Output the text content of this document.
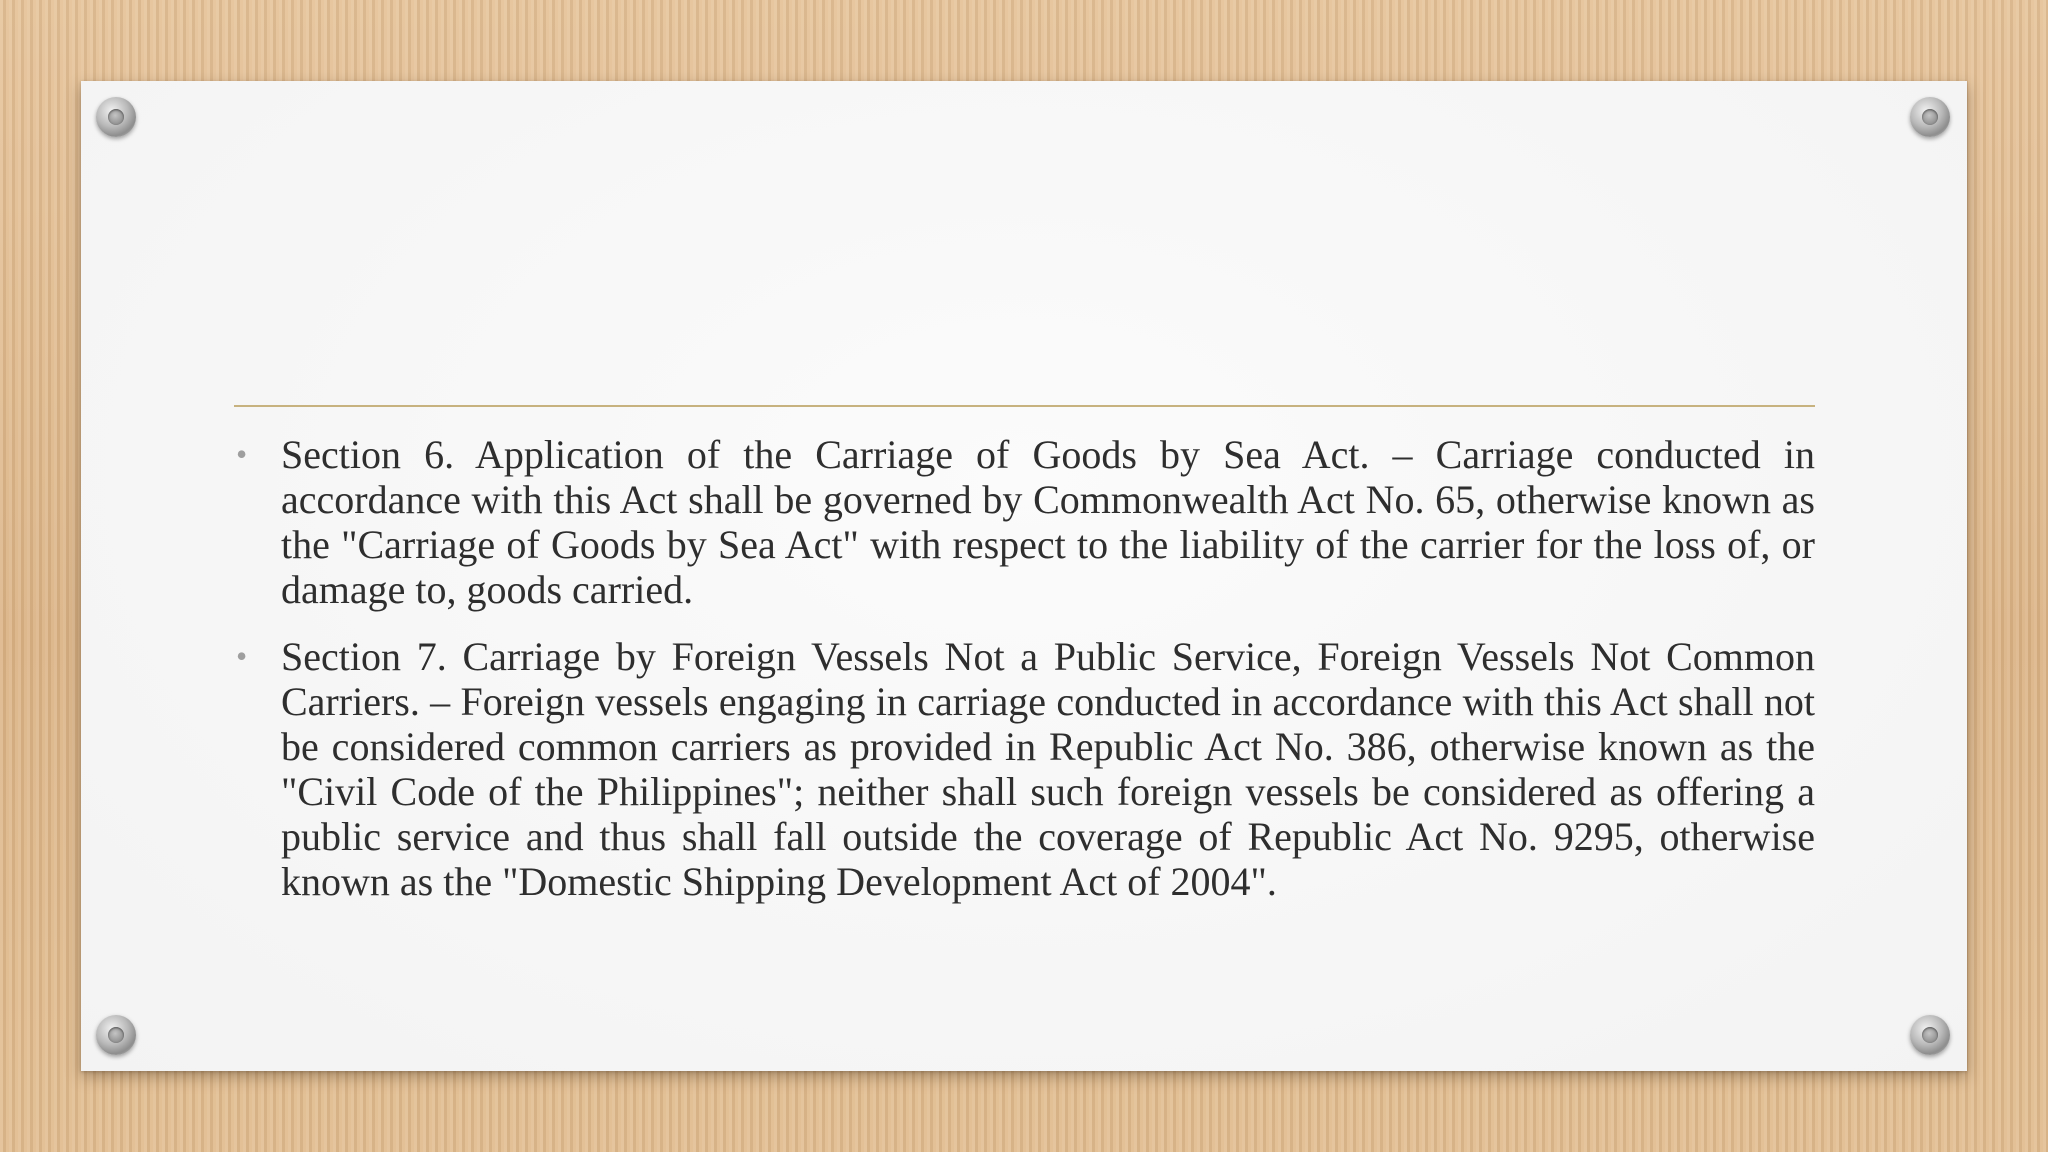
• Section 6. Application of the Carriage of Goods by Sea Act. – Carriage conducted in accordance with this Act shall be governed by Commonwealth Act No. 65, otherwise known as the "Carriage of Goods by Sea Act" with respect to the liability of the carrier for the loss of, or damage to, goods carried.
• Section 7. Carriage by Foreign Vessels Not a Public Service, Foreign Vessels Not Common Carriers. – Foreign vessels engaging in carriage conducted in accordance with this Act shall not be considered common carriers as provided in Republic Act No. 386, otherwise known as the "Civil Code of the Philippines"; neither shall such foreign vessels be considered as offering a public service and thus shall fall outside the coverage of Republic Act No. 9295, otherwise known as the "Domestic Shipping Development Act of 2004".
